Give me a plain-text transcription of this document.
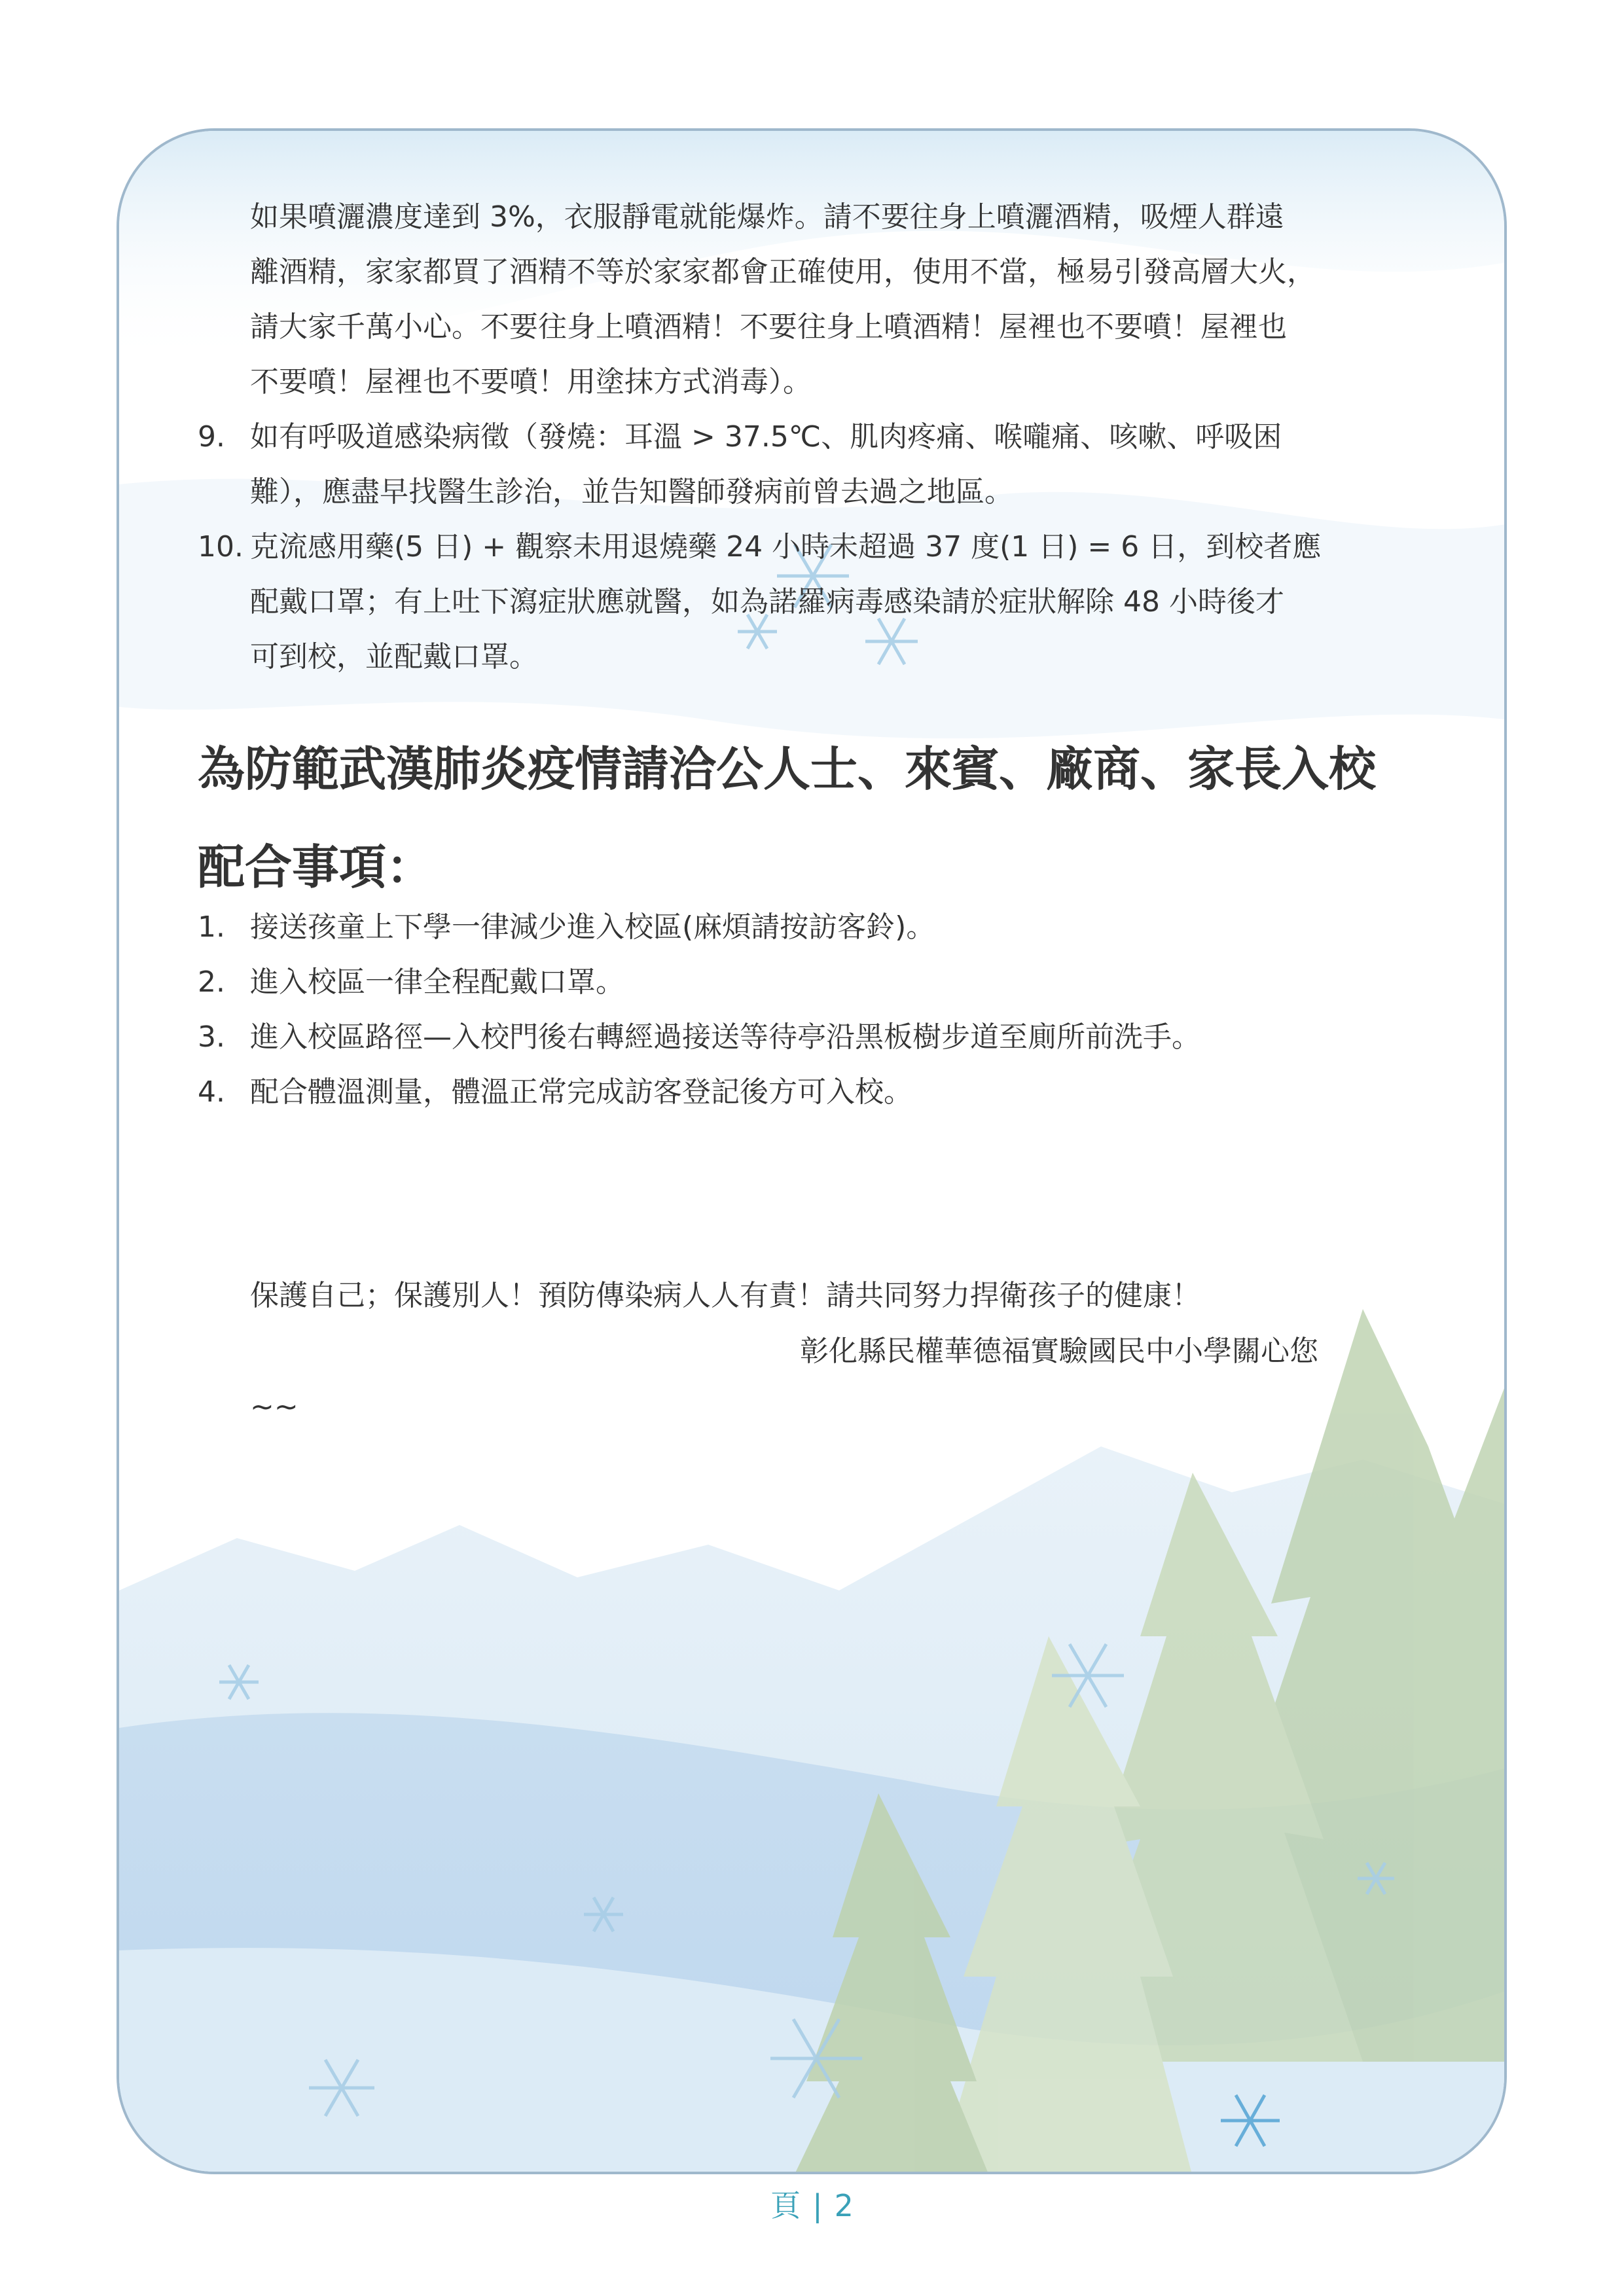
如果噴灑濃度達到 3%，衣服靜電就能爆炸。請不要往身上噴灑酒精，吸煙人群遠
離酒精，家家都買了酒精不等於家家都會正確使用，使用不當，極易引發高層大火，
請大家千萬小心。不要往身上噴酒精！不要往身上噴酒精！屋裡也不要噴！屋裡也
不要噴！屋裡也不要噴！用塗抹方式消毒）。
9. 如有呼吸道感染病徵（發燒：耳溫 > 37.5℃、肌肉疼痛、喉嚨痛、咳嗽、呼吸困
難），應盡早找醫生診治，並告知醫師發病前曾去過之地區。
10. 克流感用藥(5 日) + 觀察未用退燒藥 24 小時未超過 37 度(1 日) = 6 日，到校者應
配戴口罩；有上吐下瀉症狀應就醫，如為諾羅病毒感染請於症狀解除 48 小時後才
可到校，並配戴口罩。
為防範武漢肺炎疫情請洽公人士、來賓、廠商、家長入校
配合事項：
1. 接送孩童上下學一律減少進入校區(麻煩請按訪客鈴)。
2. 進入校區一律全程配戴口罩。
3. 進入校區路徑—入校門後右轉經過接送等待亭沿黑板樹步道至廁所前洗手。
4. 配合體溫測量，體溫正常完成訪客登記後方可入校。
保護自己；保護別人！預防傳染病人人有責！請共同努力捍衛孩子的健康！
彰化縣民權華德福實驗國民中小學關心您
~~
頁 | 2
